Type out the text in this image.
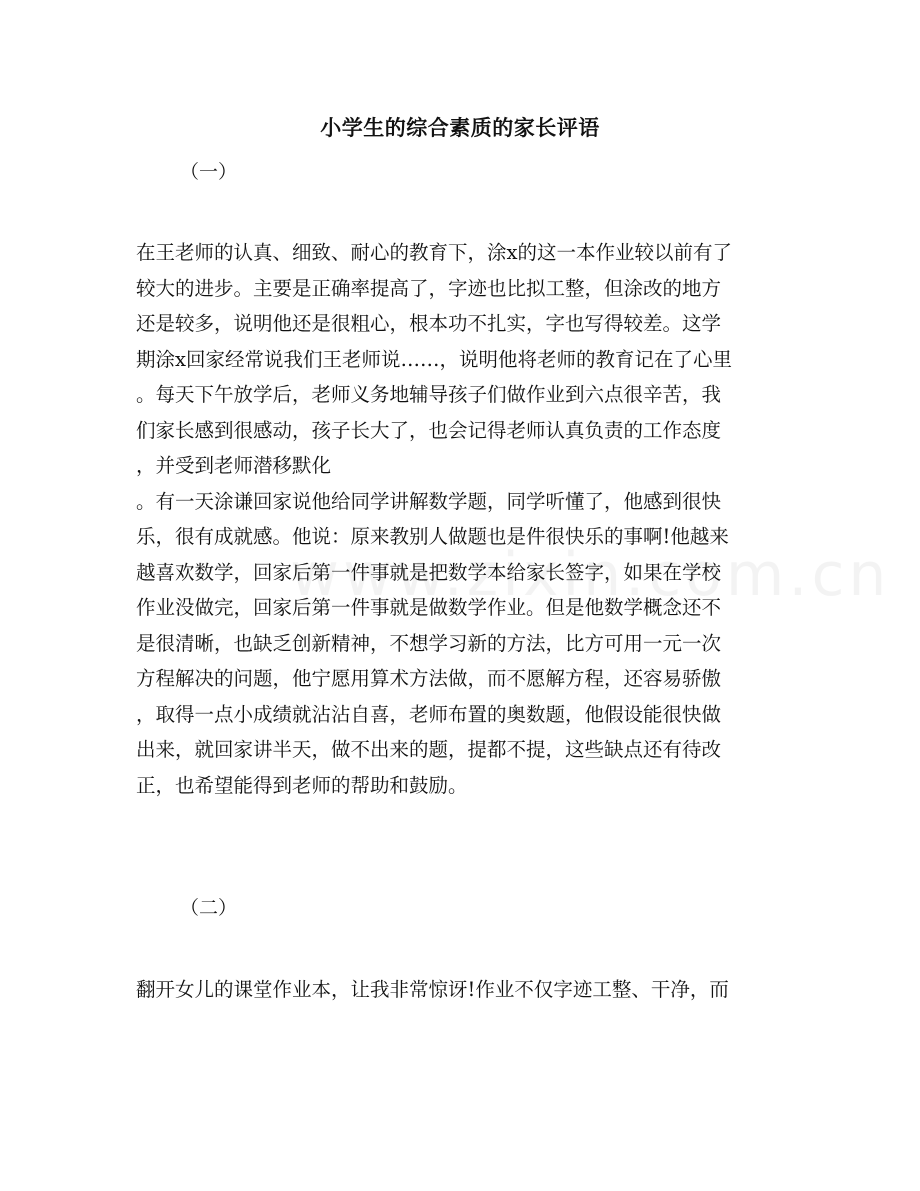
小学生的综合素质的家长评语
（一）
在王老师的认真、细致、耐心的教育下，涂x的这一本作业较以前有了
较大的进步。主要是正确率提高了，字迹也比拟工整，但涂改的地方
还是较多，说明他还是很粗心，根本功不扎实，字也写得较差。这学
期涂x回家经常说我们王老师说……，说明他将老师的教育记在了心里
。每天下午放学后，老师义务地辅导孩子们做作业到六点很辛苦，我
们家长感到很感动，孩子长大了，也会记得老师认真负责的工作态度
，并受到老师潜移默化
。有一天涂谦回家说他给同学讲解数学题，同学听懂了，他感到很快
乐，很有成就感。他说：原来教别人做题也是件很快乐的事啊!他越来
越喜欢数学，回家后第一件事就是把数学本给家长签字，如果在学校
作业没做完，回家后第一件事就是做数学作业。但是他数学概念还不
是很清晰，也缺乏创新精神，不想学习新的方法，比方可用一元一次
方程解决的问题，他宁愿用算术方法做，而不愿解方程，还容易骄傲
，取得一点小成绩就沾沾自喜，老师布置的奥数题，他假设能很快做
出来，就回家讲半天，做不出来的题，提都不提，这些缺点还有待改
正，也希望能得到老师的帮助和鼓励。
（二）
翻开女儿的课堂作业本，让我非常惊讶!作业不仅字迹工整、干净，而
